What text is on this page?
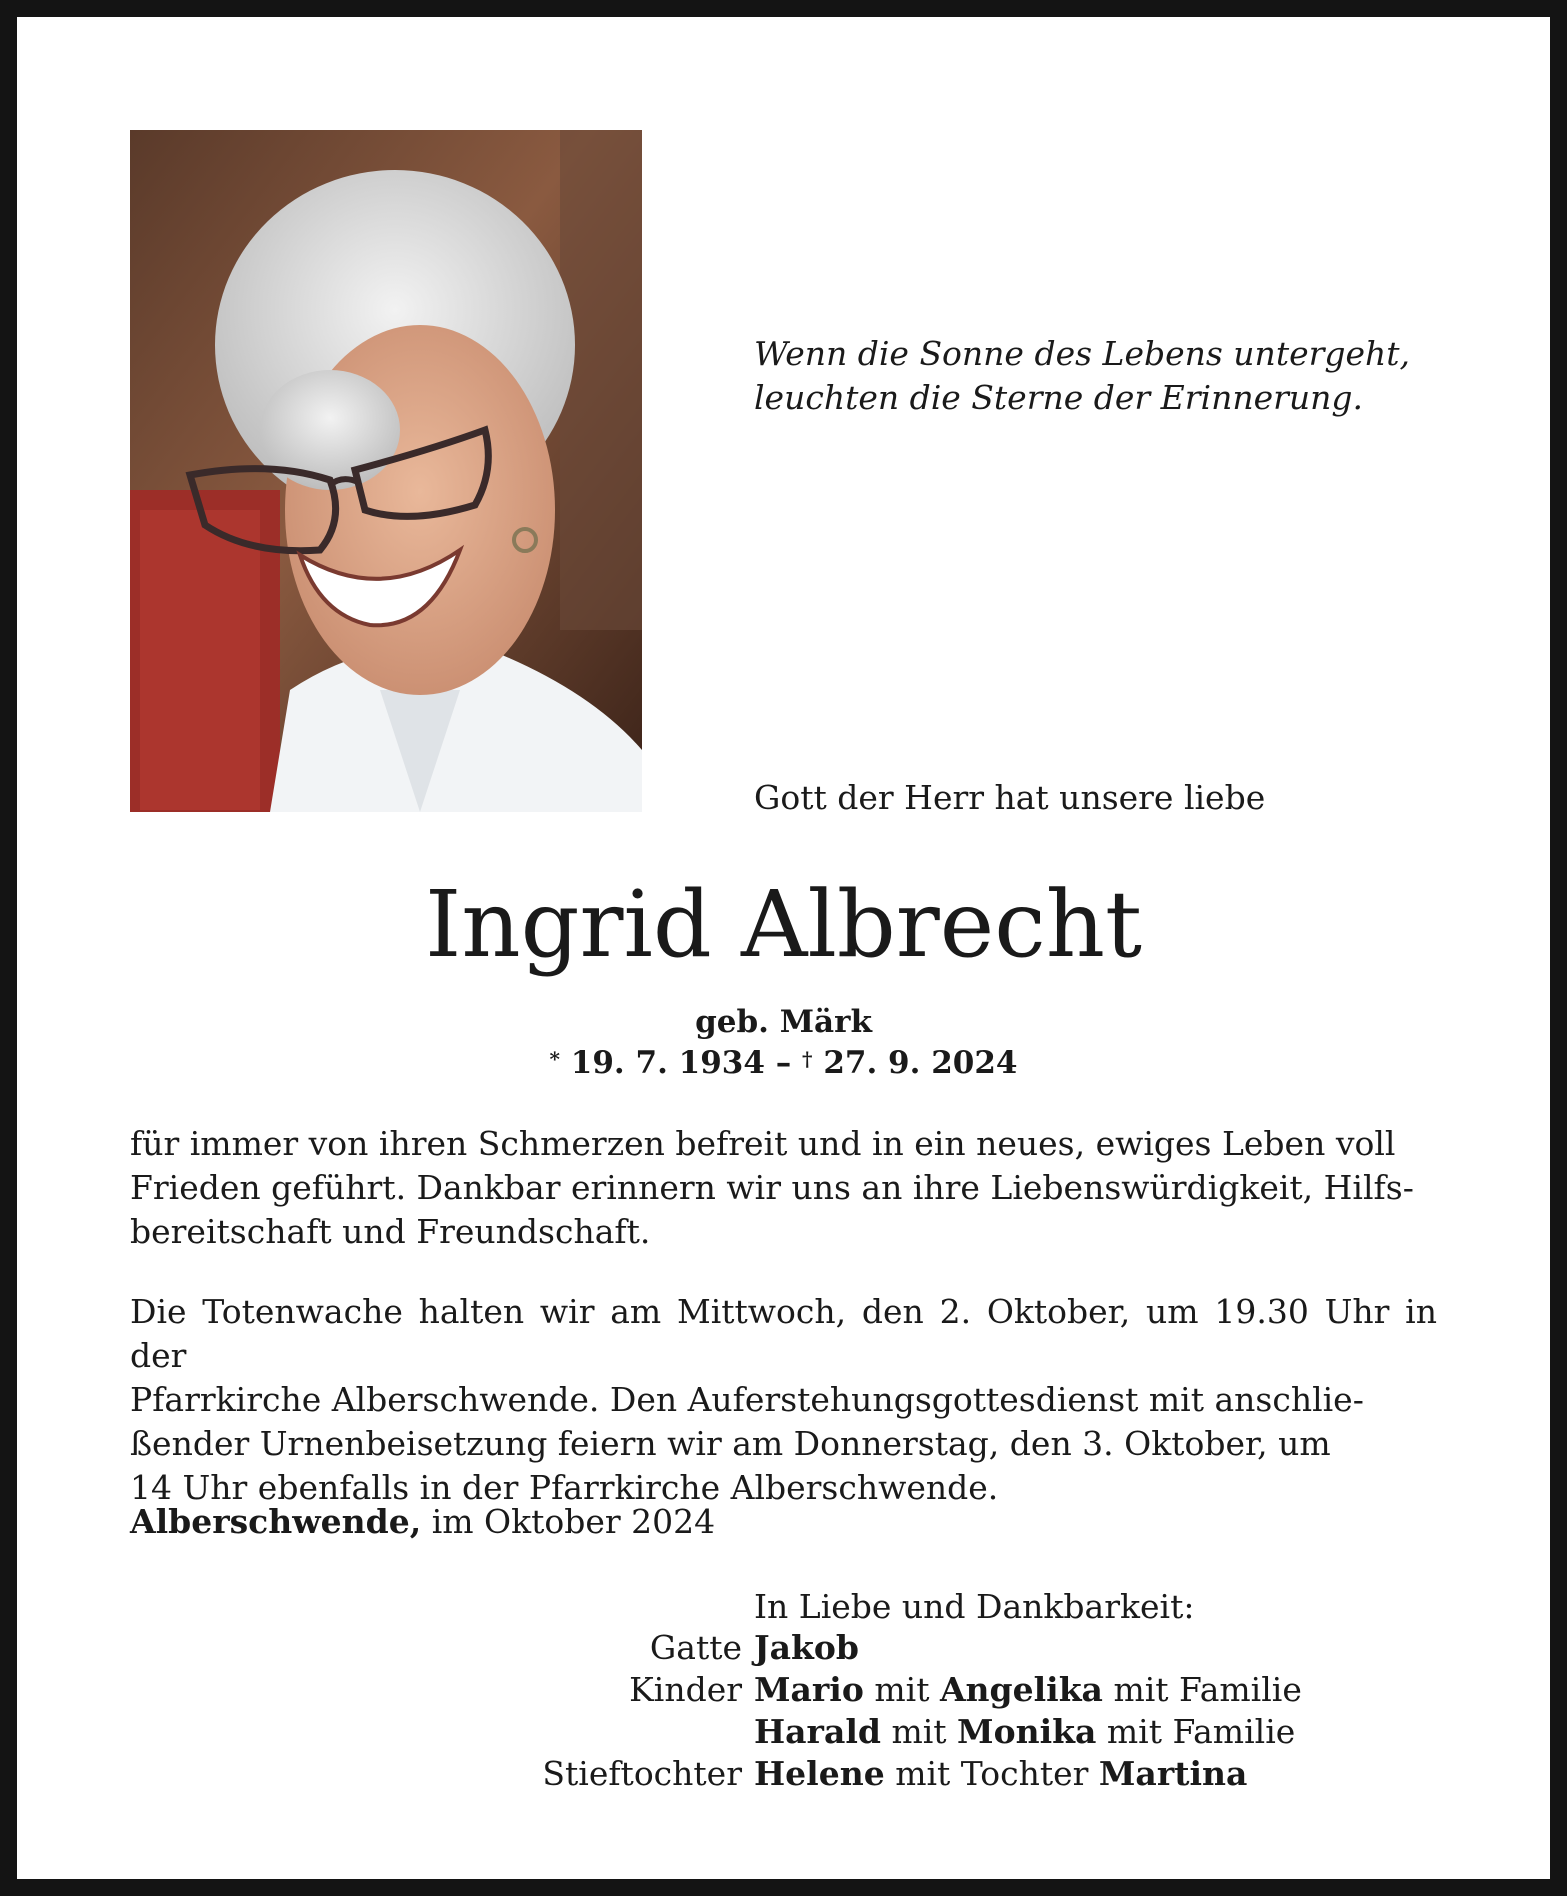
Wenn die Sonne des Lebens untergeht,
leuchten die Sterne der Erinnerung.
Gott der Herr hat unsere liebe
Ingrid Albrecht
geb. Märk
* 19. 7. 1934 – † 27. 9. 2024

für immer von ihren Schmerzen befreit und in ein neues, ewiges Leben voll

Frieden geführt. Dankbar erinnern wir uns an ihre Liebenswürdigkeit, Hilfs-

bereitschaft und Freundschaft.

Die Totenwache halten wir am Mittwoch, den 2. Oktober, um 19.30 Uhr in der

Pfarrkirche Alberschwende. Den Auferstehungsgottesdienst mit anschlie-

ßender Urnenbeisetzung feiern wir am Donnerstag, den 3. Oktober, um

14 Uhr ebenfalls in der Pfarrkirche Alberschwende.

Alberschwende, im Oktober 2024
In Liebe und Dankbarkeit:
Gatte Jakob
Kinder Mario mit Angelika mit Familie
Harald mit Monika mit Familie
Stieftochter Helene mit Tochter Martina
